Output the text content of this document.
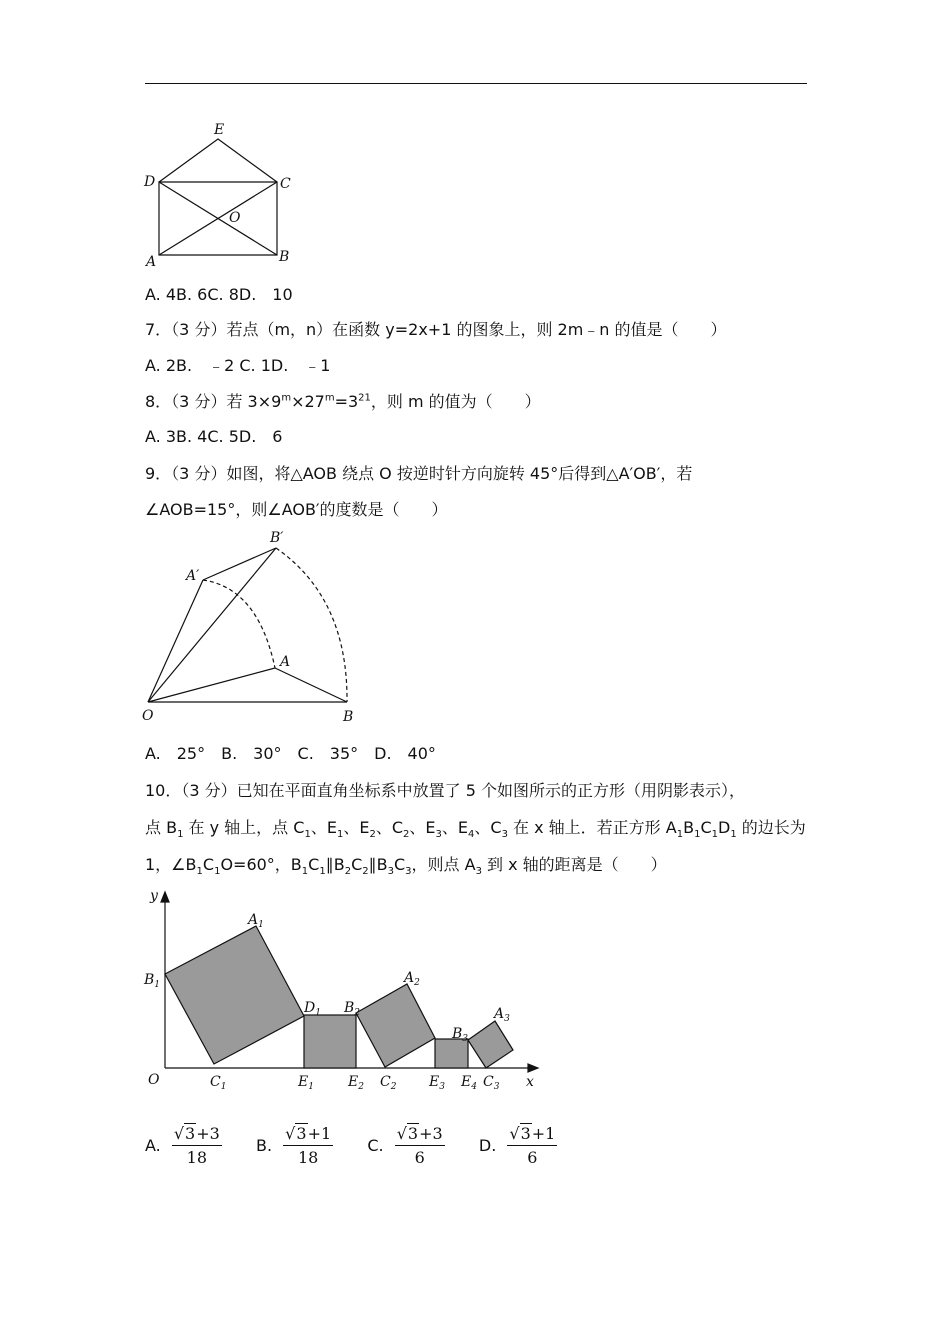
E
D	C
O
A	B
A. 4B. 6C. 8D.　10
7．（3 分）若点（m，n）在函数 y=2x+1 的图象上，则 2m﹣n 的值是（　　）
A. 2B.　﹣2 C. 1D.　﹣1
8．（3 分）若 $3\times 9^m\times 27^m=3^{21}$，则 m 的值为（　　）
A. 3B. 4C. 5D.　6
9．（3 分）如图，将△AOB 绕点 O 按逆时针方向旋转 45°后得到△A′OB′，若
∠AOB=15°，则∠AOB′的度数是（　　）
B′
A′
A
O	B
A.　25°　B.　30°　C.　35°　D.　40°
10．（3 分）已知在平面直角坐标系中放置了 5 个如图所示的正方形（用阴影表示），
点 $B_1$ 在 y 轴上，点 $C_1$、$E_1$、$E_2$、$C_2$、$E_3$、$E_4$、$C_3$ 在 x 轴上．若正方形 $A_1B_1C_1D_1$ 的边长为
1，$\angle B_1C_1O=60^\circ$，$B_1C_1\parallel B_2C_2\parallel B_3C_3$，则点 $A_3$ 到 x 轴的距离是（　　）
y
x
O
$A_1$
$B_1$
$C_1$
$D_1$ $B_2$
$A_2$
$B_3$
$A_3$
$E_1$ $E_2$ $C_2$ $E_3$ $E_4$ $C_3$
A. $\frac{√3+3}{18} B$. $\frac{√3+1}{18} C$. $\frac{√3+3}{6} D$. $\frac{√3+1}{6}$
